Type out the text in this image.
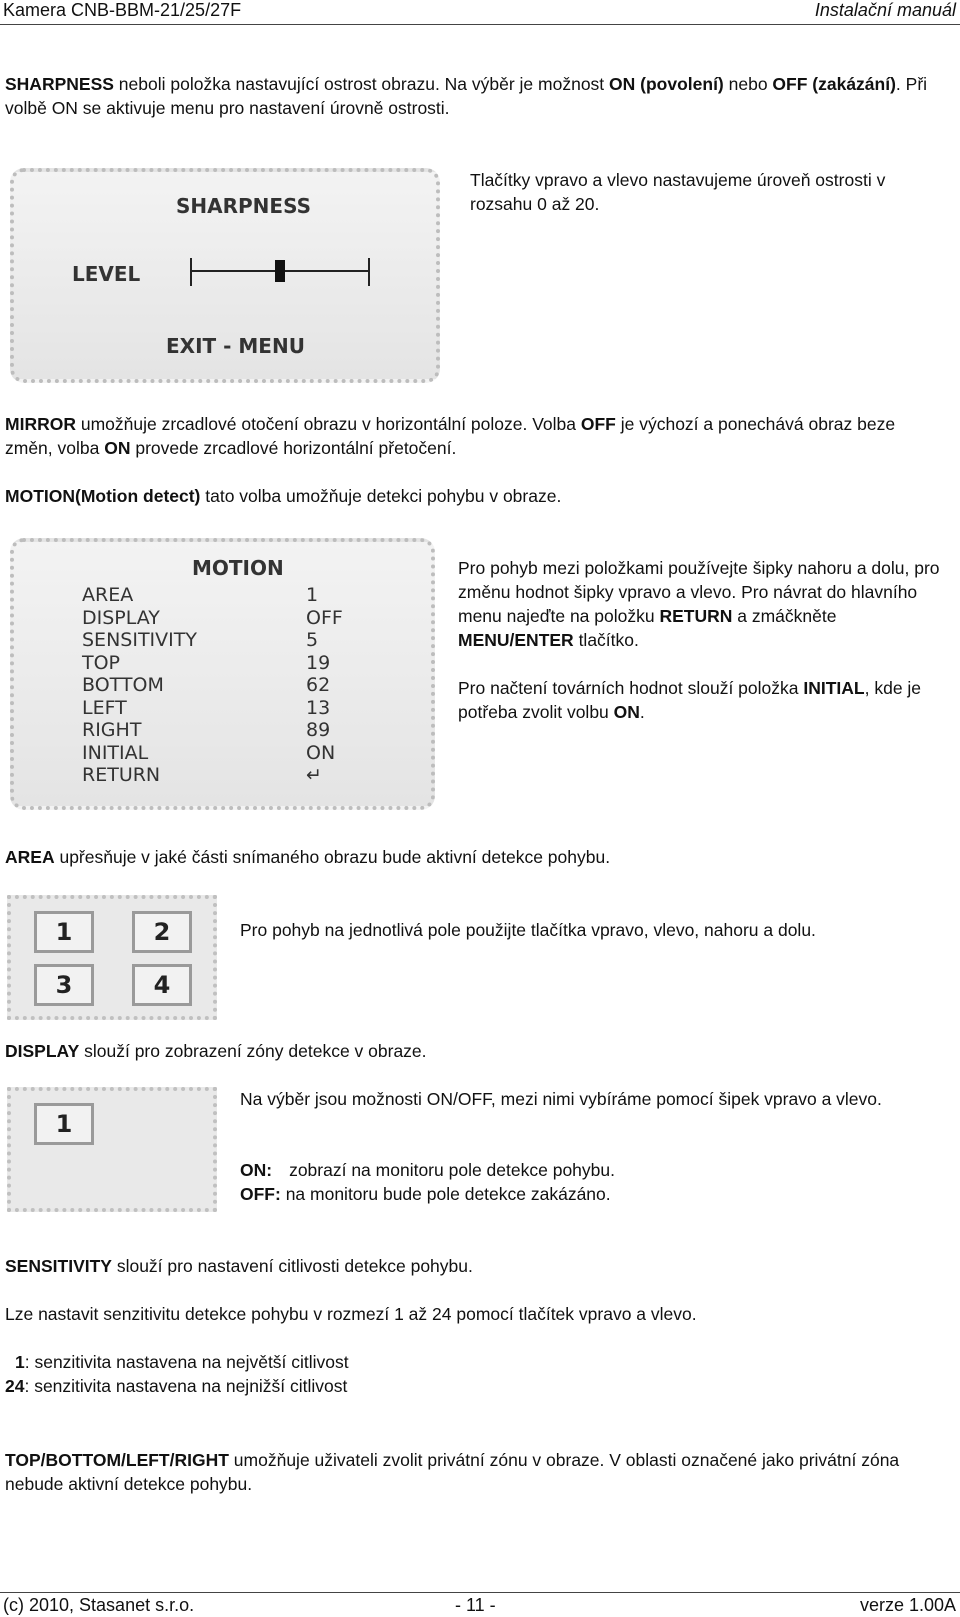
Kamera CNB-BBM-21/25/27F	Instalační manuál
SHARPNESS neboli položka nastavující ostrost obrazu. Na výběr je možnost ON (povolení) nebo OFF (zakázání). Při volbě ON se aktivuje menu pro nastavení úrovně ostrosti.
SHARPNESS
LEVEL
EXIT - MENU
Tlačítky vpravo a vlevo nastavujeme úroveň ostrosti v rozsahu 0 až 20.
MIRROR umožňuje zrcadlové otočení obrazu v horizontální poloze. Volba OFF je výchozí a ponechává obraz beze změn, volba ON provede zrcadlové horizontální přetočení.
MOTION(Motion detect) tato volba umožňuje detekci pohybu v obraze.
MOTION
AREA	1
DISPLAY	OFF
SENSITIVITY	5
TOP	19
BOTTOM	62
LEFT	13
RIGHT	89
INITIAL	ON
RETURN	↵
Pro pohyb mezi položkami používejte šipky nahoru a dolu, pro změnu hodnot šipky vpravo a vlevo. Pro návrat do hlavního menu najeďte na položku RETURN a zmáčkněte MENU/ENTER tlačítko.
Pro načtení továrních hodnot slouží položka INITIAL, kde je potřeba zvolit volbu ON.
AREA upřesňuje v jaké části snímaného obrazu bude aktivní detekce pohybu.
1	2
3	4
Pro pohyb na jednotlivá pole použijte tlačítka vpravo, vlevo, nahoru a dolu.
DISPLAY slouží pro zobrazení zóny detekce v obraze.
1
Na výběr jsou možnosti ON/OFF, mezi nimi vybíráme pomocí šipek vpravo a vlevo.
ON: zobrazí na monitoru pole detekce pohybu.
OFF: na monitoru bude pole detekce zakázáno.
SENSITIVITY slouží pro nastavení citlivosti detekce pohybu.
Lze nastavit senzitivitu detekce pohybu v rozmezí 1 až 24 pomocí tlačítek vpravo a vlevo.
1: senzitivita nastavena na největší citlivost
24: senzitivita nastavena na nejnižší citlivost
TOP/BOTTOM/LEFT/RIGHT umožňuje uživateli zvolit privátní zónu v obraze. V oblasti označené jako privátní zóna nebude aktivní detekce pohybu.
(c) 2010, Stasanet s.r.o.	- 11 -	verze 1.00A
